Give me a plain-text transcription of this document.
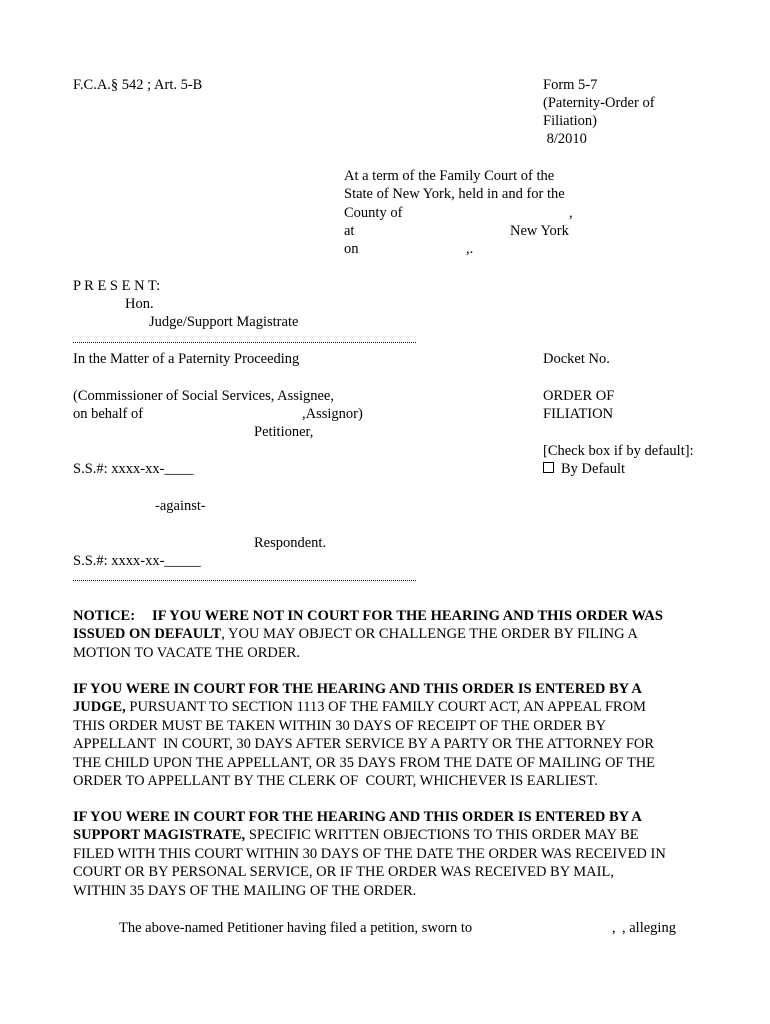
F.C.A.§ 542 ; Art. 5-B	Form 5-7
(Paternity-Order of
Filiation)
8/2010
At a term of the Family Court of the
State of New York, held in and for the
County of	,
at	New York
on	,.
P R E S E N T:
Hon.
Judge/Support Magistrate
In the Matter of a Paternity Proceeding
(Commissioner of Social Services, Assignee,
on behalf of	,Assignor)
Petitioner,
S.S.#: xxxx-xx-____
-against-
Respondent.
S.S.#: xxxx-xx-_____
Docket No.
ORDER OF
FILIATION
[Check box if by default]:
By Default
NOTICE: IF YOU WERE NOT IN COURT FOR THE HEARING AND THIS ORDER WAS
ISSUED ON DEFAULT, YOU MAY OBJECT OR CHALLENGE THE ORDER BY FILING A
MOTION TO VACATE THE ORDER.
IF YOU WERE IN COURT FOR THE HEARING AND THIS ORDER IS ENTERED BY A
JUDGE, PURSUANT TO SECTION 1113 OF THE FAMILY COURT ACT, AN APPEAL FROM
THIS ORDER MUST BE TAKEN WITHIN 30 DAYS OF RECEIPT OF THE ORDER BY
APPELLANT  IN COURT, 30 DAYS AFTER SERVICE BY A PARTY OR THE ATTORNEY FOR
THE CHILD UPON THE APPELLANT, OR 35 DAYS FROM THE DATE OF MAILING OF THE
ORDER TO APPELLANT BY THE CLERK OF  COURT, WHICHEVER IS EARLIEST.
IF YOU WERE IN COURT FOR THE HEARING AND THIS ORDER IS ENTERED BY A
SUPPORT MAGISTRATE, SPECIFIC WRITTEN OBJECTIONS TO THIS ORDER MAY BE
FILED WITH THIS COURT WITHIN 30 DAYS OF THE DATE THE ORDER WAS RECEIVED IN
COURT OR BY PERSONAL SERVICE, OR IF THE ORDER WAS RECEIVED BY MAIL,
WITHIN 35 DAYS OF THE MAILING OF THE ORDER.
The above-named Petitioner having filed a petition, sworn to	, , alleging
